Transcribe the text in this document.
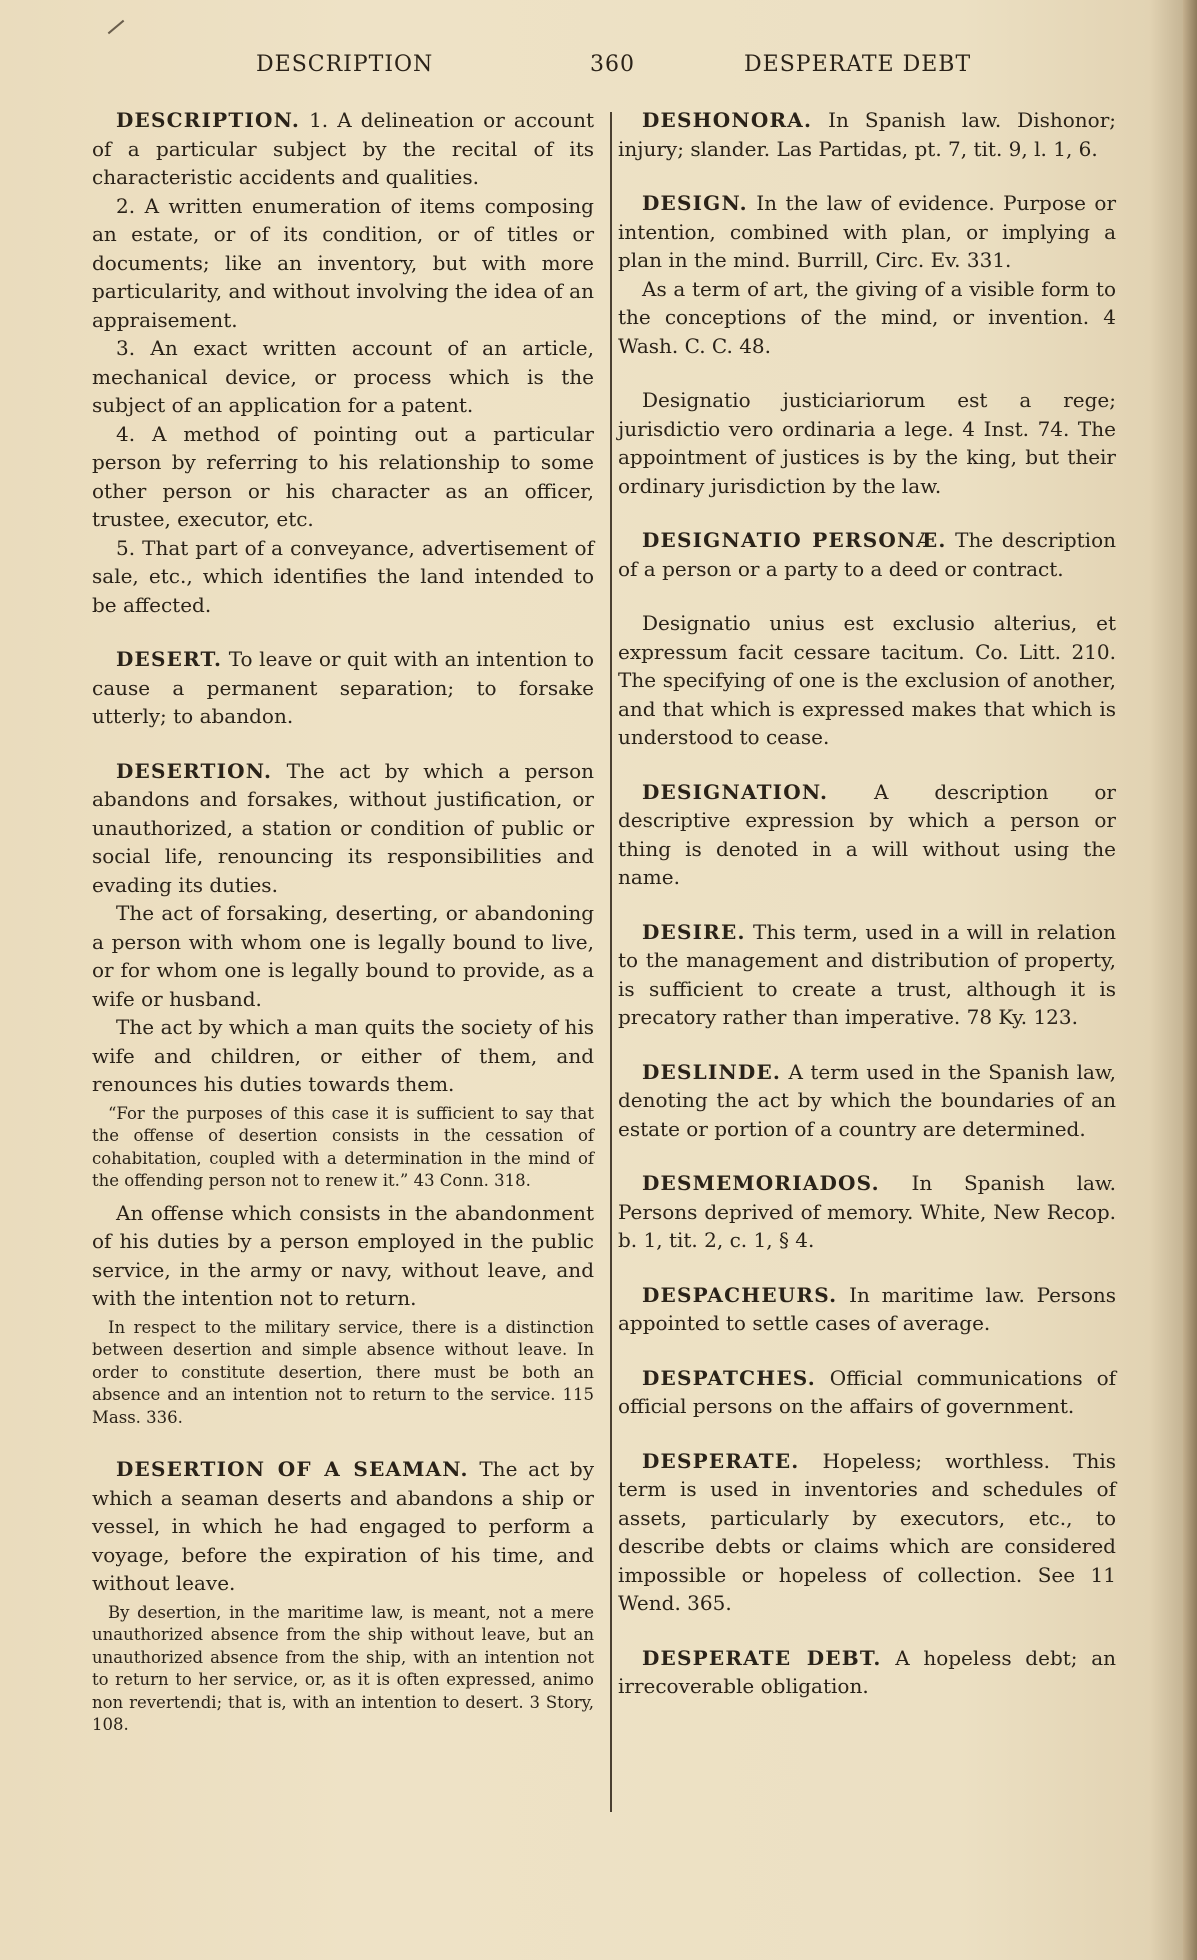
DESCRIPTION	360	DESPERATE DEBT

DESCRIPTION. 1. A delineation or account of a particular subject by the recital of its characteristic accidents and qualities.

2. A written enumeration of items composing an estate, or of its condition, or of titles or documents; like an inventory, but with more particularity, and without involving the idea of an appraisement.

3. An exact written account of an article, mechanical device, or process which is the subject of an application for a patent.

4. A method of pointing out a particular person by referring to his relationship to some other person or his character as an officer, trustee, executor, etc.

5. That part of a conveyance, advertisement of sale, etc., which identifies the land intended to be affected.

DESERT. To leave or quit with an intention to cause a permanent separation; to forsake utterly; to abandon.

DESERTION. The act by which a person abandons and forsakes, without justification, or unauthorized, a station or condition of public or social life, renouncing its responsibilities and evading its duties.

The act of forsaking, deserting, or abandoning a person with whom one is legally bound to live, or for whom one is legally bound to provide, as a wife or husband.

The act by which a man quits the society of his wife and children, or either of them, and renounces his duties towards them.

“For the purposes of this case it is sufficient to say that the offense of desertion consists in the cessation of cohabitation, coupled with a determination in the mind of the offending person not to renew it.” 43 Conn. 318.

An offense which consists in the abandonment of his duties by a person employed in the public service, in the army or navy, without leave, and with the intention not to return.

In respect to the military service, there is a distinction between desertion and simple absence without leave. In order to constitute desertion, there must be both an absence and an intention not to return to the service. 115 Mass. 336.

DESERTION OF A SEAMAN. The act by which a seaman deserts and abandons a ship or vessel, in which he had engaged to perform a voyage, before the expiration of his time, and without leave.

By desertion, in the maritime law, is meant, not a mere unauthorized absence from the ship without leave, but an unauthorized absence from the ship, with an intention not to return to her service, or, as it is often expressed, animo non revertendi; that is, with an intention to desert. 3 Story, 108.

DESHONORA. In Spanish law. Dishonor; injury; slander. Las Partidas, pt. 7, tit. 9, l. 1, 6.

DESIGN. In the law of evidence. Purpose or intention, combined with plan, or implying a plan in the mind. Burrill, Circ. Ev. 331.

As a term of art, the giving of a visible form to the conceptions of the mind, or invention. 4 Wash. C. C. 48.

Designatio justiciariorum est a rege; jurisdictio vero ordinaria a lege. 4 Inst. 74. The appointment of justices is by the king, but their ordinary jurisdiction by the law.

DESIGNATIO PERSONÆ. The description of a person or a party to a deed or contract.

Designatio unius est exclusio alterius, et expressum facit cessare tacitum. Co. Litt. 210. The specifying of one is the exclusion of another, and that which is expressed makes that which is understood to cease.

DESIGNATION. A description or descriptive expression by which a person or thing is denoted in a will without using the name.

DESIRE. This term, used in a will in relation to the management and distribution of property, is sufficient to create a trust, although it is precatory rather than imperative. 78 Ky. 123.

DESLINDE. A term used in the Spanish law, denoting the act by which the boundaries of an estate or portion of a country are determined.

DESMEMORIADOS. In Spanish law. Persons deprived of memory. White, New Recop. b. 1, tit. 2, c. 1, § 4.

DESPACHEURS. In maritime law. Persons appointed to settle cases of average.

DESPATCHES. Official communications of official persons on the affairs of government.

DESPERATE. Hopeless; worthless. This term is used in inventories and schedules of assets, particularly by executors, etc., to describe debts or claims which are considered impossible or hopeless of collection. See 11 Wend. 365.

DESPERATE DEBT. A hopeless debt; an irrecoverable obligation.
